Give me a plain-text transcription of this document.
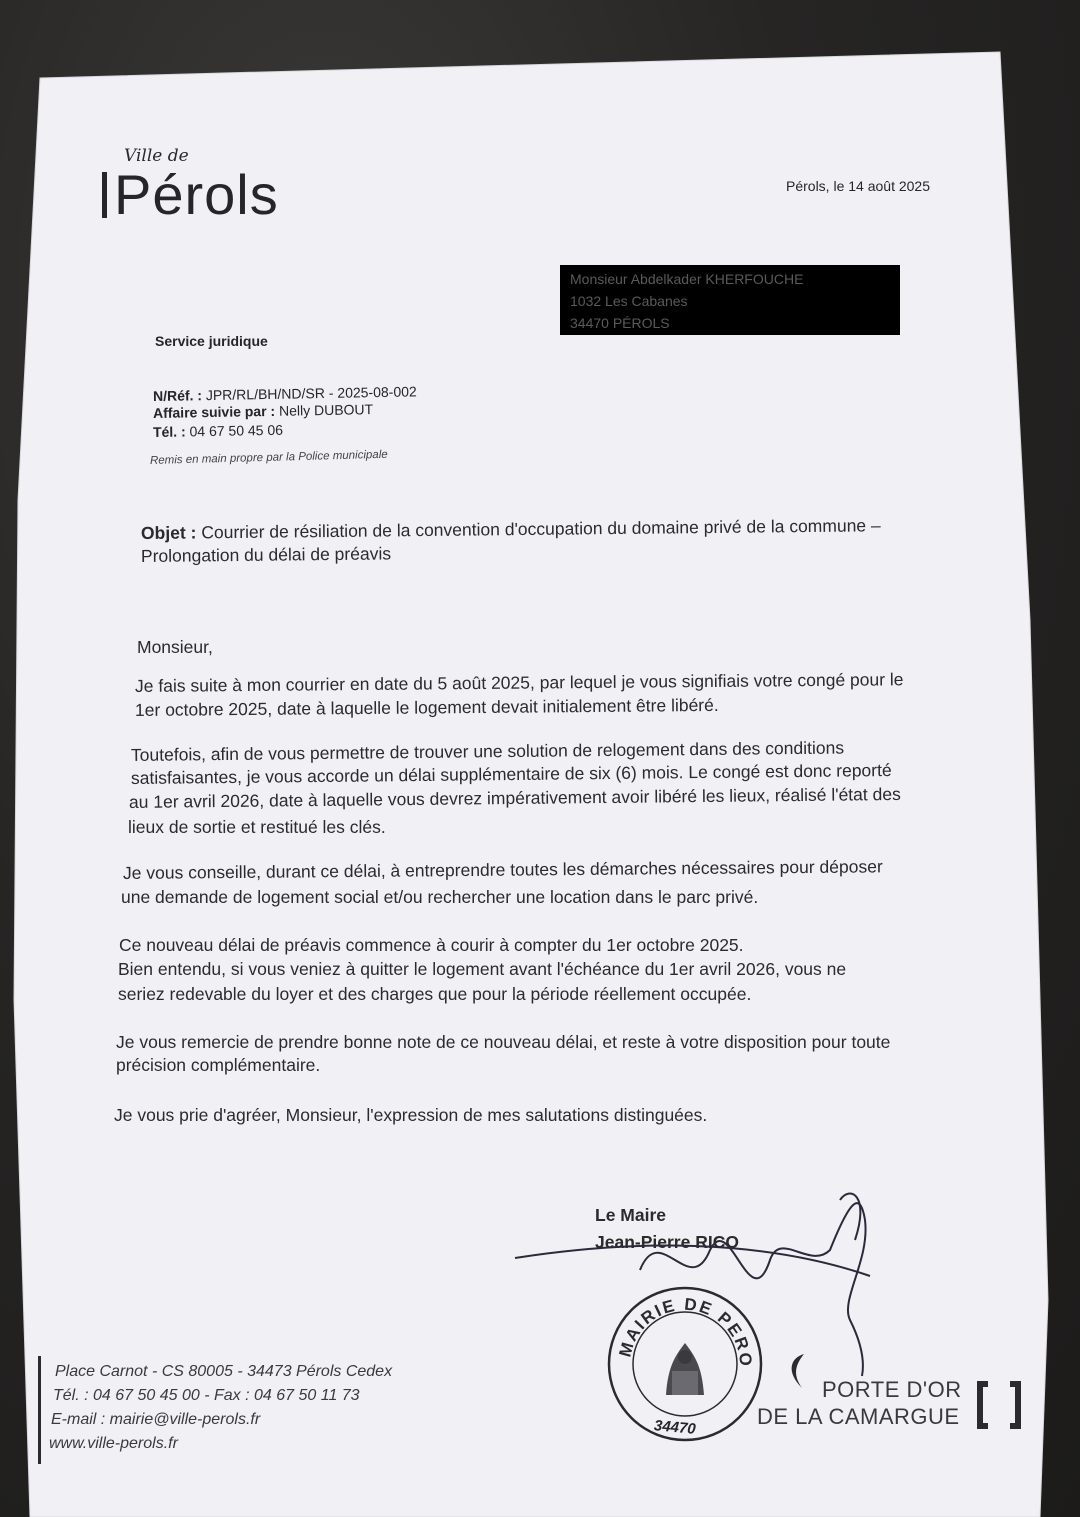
Ville de
Pérols	Pérols, le 14 août 2025
Monsieur Abdelkader KHERFOUCHE
1032 Les Cabanes
34470 PÉROLS
Service juridique
N/Réf. : JPR/RL/BH/ND/SR - 2025-08-002
Affaire suivie par : Nelly DUBOUT
Tél. : 04 67 50 45 06
Remis en main propre par la Police municipale
Objet : Courrier de résiliation de la convention d'occupation du domaine privé de la commune –
Prolongation du délai de préavis
Monsieur,
Je fais suite à mon courrier en date du 5 août 2025, par lequel je vous signifiais votre congé pour le
1er octobre 2025, date à laquelle le logement devait initialement être libéré.
Toutefois, afin de vous permettre de trouver une solution de relogement dans des conditions
satisfaisantes, je vous accorde un délai supplémentaire de six (6) mois. Le congé est donc reporté
au 1er avril 2026, date à laquelle vous devrez impérativement avoir libéré les lieux, réalisé l'état des
lieux de sortie et restitué les clés.
Je vous conseille, durant ce délai, à entreprendre toutes les démarches nécessaires pour déposer
une demande de logement social et/ou rechercher une location dans le parc privé.
Ce nouveau délai de préavis commence à courir à compter du 1er octobre 2025.
Bien entendu, si vous veniez à quitter le logement avant l'échéance du 1er avril 2026, vous ne
seriez redevable du loyer et des charges que pour la période réellement occupée.
Je vous remercie de prendre bonne note de ce nouveau délai, et reste à votre disposition pour toute
précision complémentaire.
Je vous prie d'agréer, Monsieur, l'expression de mes salutations distinguées.
Le Maire
Jean-Pierre RICO
MAIRIE DE PERO
34470
Place Carnot - CS 80005 - 34473 Pérols Cedex
Tél. : 04 67 50 45 00 - Fax : 04 67 50 11 73
E-mail : mairie@ville-perols.fr
www.ville-perols.fr
PORTE D'OR
DE LA CAMARGUE
